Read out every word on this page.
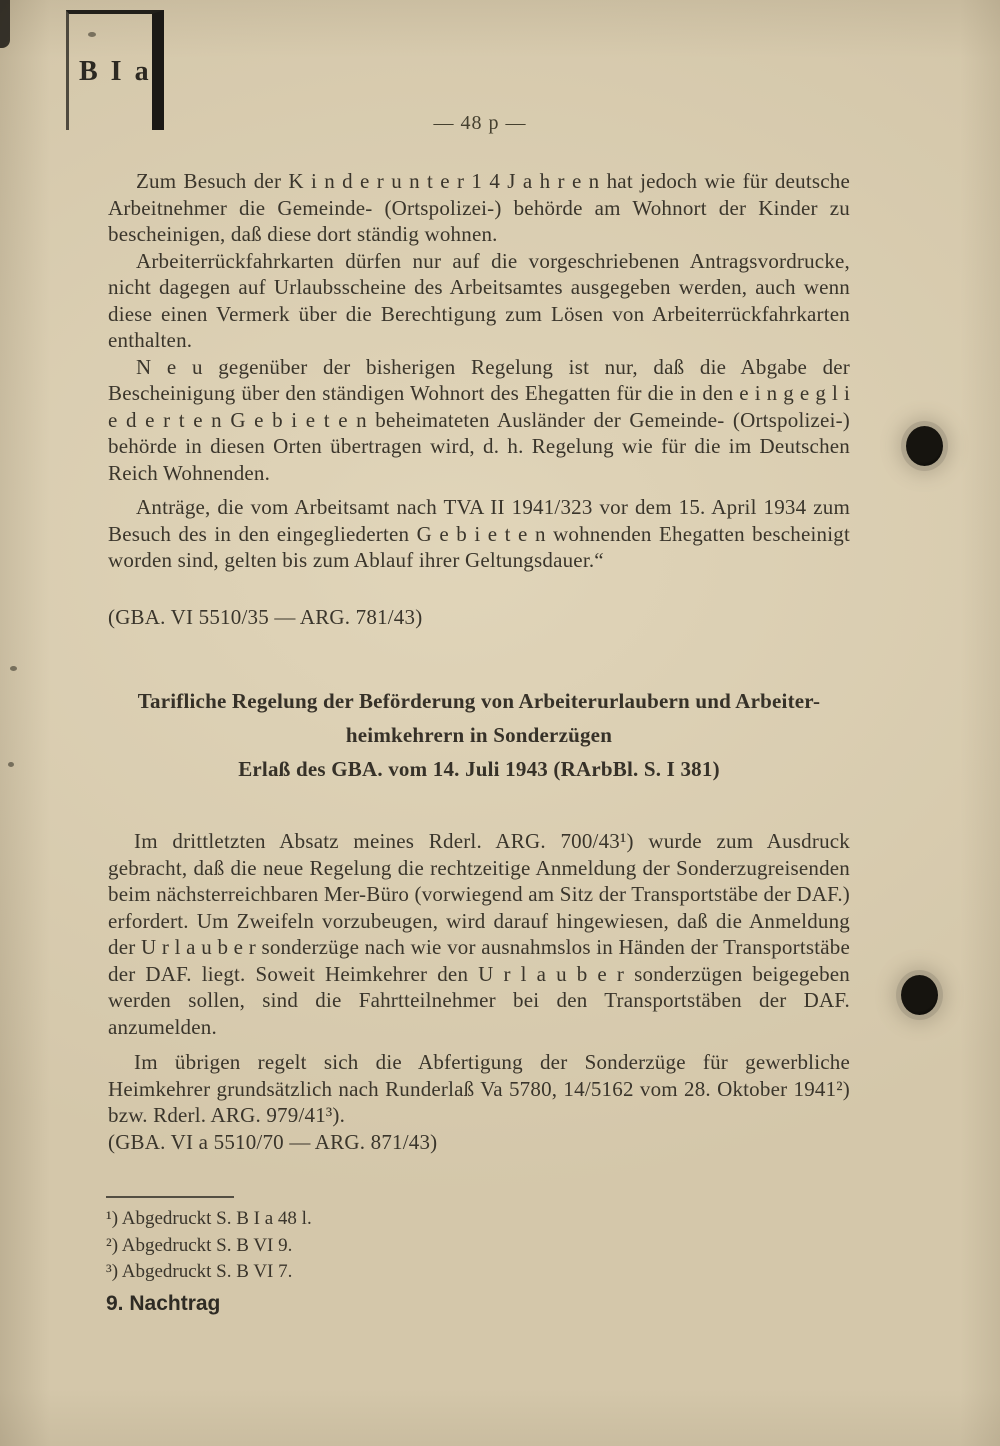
B I a
— 48 p —

Zum Besuch der K i n d e r u n t e r 1 4 J a h r e n hat jedoch wie für deutsche Arbeitnehmer die Gemeinde- (Ortspolizei-) behörde am Wohnort der Kinder zu bescheinigen, daß diese dort ständig wohnen.

Arbeiterrückfahrkarten dürfen nur auf die vorgeschriebenen Antragsvordrucke, nicht dagegen auf Urlaubsscheine des Arbeitsamtes ausgegeben werden, auch wenn diese einen Vermerk über die Berechtigung zum Lösen von Arbeiterrückfahrkarten enthalten.

N e u gegenüber der bisherigen Regelung ist nur, daß die Abgabe der Bescheinigung über den ständigen Wohnort des Ehegatten für die in den e i n g e g l i e d e r t e n G e b i e t e n beheimateten Ausländer der Gemeinde- (Ortspolizei-) behörde in diesen Orten übertragen wird, d. h. Regelung wie für die im Deutschen Reich Wohnenden.

Anträge, die vom Arbeitsamt nach TVA II 1941/323 vor dem 15. April 1934 zum Besuch des in den eingegliederten G e b i e t e n wohnenden Ehegatten bescheinigt worden sind, gelten bis zum Ablauf ihrer Geltungsdauer.“

(GBA. VI 5510/35 — ARG. 781/43)

Tarifliche Regelung der Beförderung von Arbeiterurlaubern und Arbeiter-

heimkehrern in Sonderzügen

Erlaß des GBA. vom 14. Juli 1943 (RArbBl. S. I 381)

Im drittletzten Absatz meines Rderl. ARG. 700/43¹) wurde zum Ausdruck gebracht, daß die neue Regelung die rechtzeitige Anmeldung der Sonderzugreisenden beim nächsterreichbaren Mer-Büro (vorwiegend am Sitz der Transportstäbe der DAF.) erfordert. Um Zweifeln vorzubeugen, wird darauf hingewiesen, daß die Anmeldung der U r l a u b e r sonderzüge nach wie vor ausnahmslos in Händen der Transportstäbe der DAF. liegt. Soweit Heimkehrer den U r l a u b e r sonderzügen beigegeben werden sollen, sind die Fahrtteilnehmer bei den Transportstäben der DAF. anzumelden.

Im übrigen regelt sich die Abfertigung der Sonderzüge für gewerbliche Heimkehrer grundsätzlich nach Runderlaß Va 5780, 14/5162 vom 28. Oktober 1941²) bzw. Rderl. ARG. 979/41³).

(GBA. VI a 5510/70 — ARG. 871/43)

¹) Abgedruckt S. B I a 48 l.

²) Abgedruckt S. B VI 9.

³) Abgedruckt S. B VI 7.

9. Nachtrag
